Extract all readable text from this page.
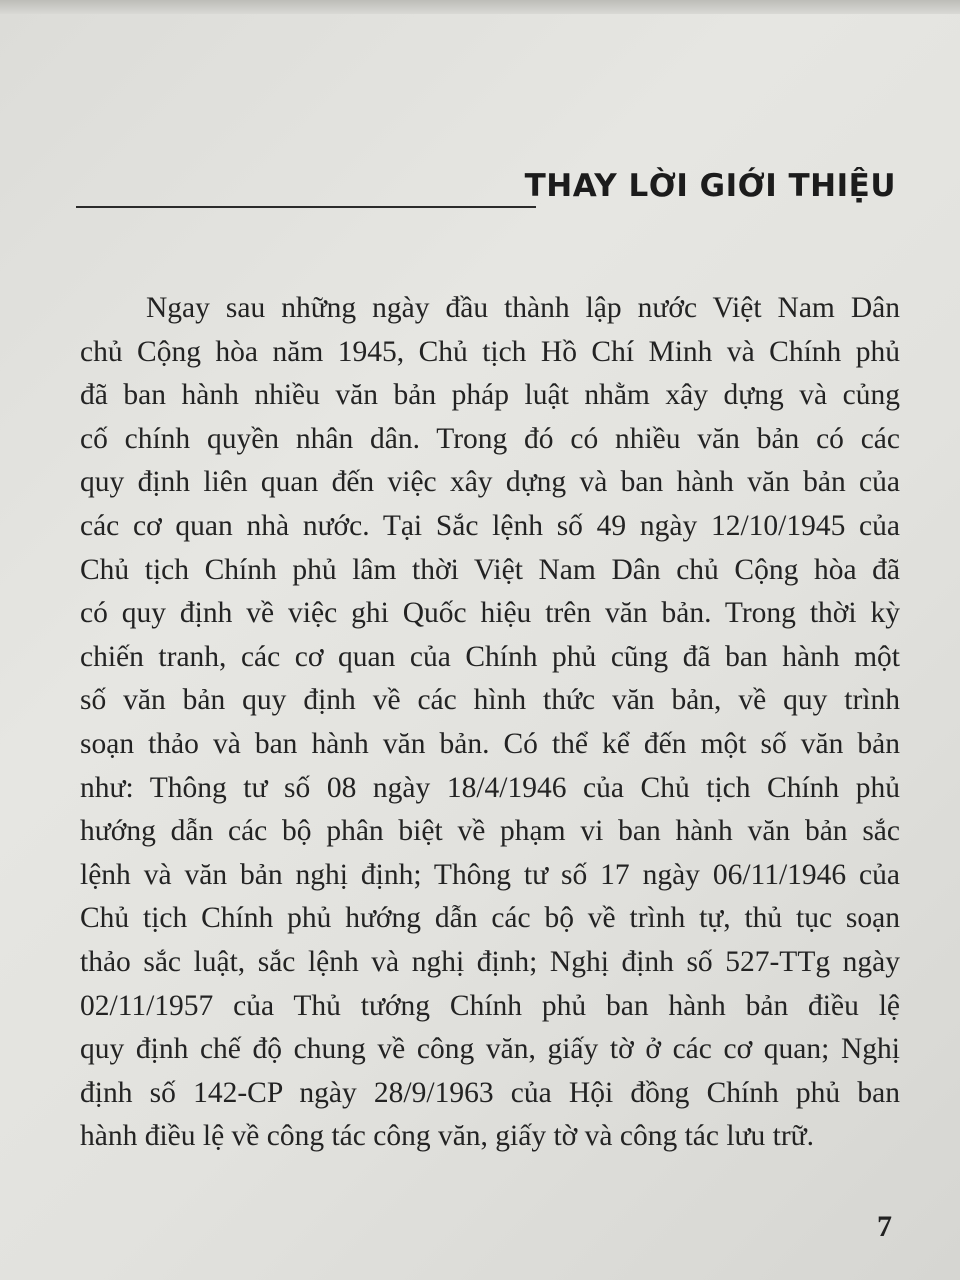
THAY LỜI GIỚI THIỆU
Ngay sau những ngày đầu thành lập nước Việt Nam Dân
chủ Cộng hòa năm 1945, Chủ tịch Hồ Chí Minh và Chính phủ
đã ban hành nhiều văn bản pháp luật nhằm xây dựng và củng
cố chính quyền nhân dân. Trong đó có nhiều văn bản có các
quy định liên quan đến việc xây dựng và ban hành văn bản của
các cơ quan nhà nước. Tại Sắc lệnh số 49 ngày 12/10/1945 của
Chủ tịch Chính phủ lâm thời Việt Nam Dân chủ Cộng hòa đã
có quy định về việc ghi Quốc hiệu trên văn bản. Trong thời kỳ
chiến tranh, các cơ quan của Chính phủ cũng đã ban hành một
số văn bản quy định về các hình thức văn bản, về quy trình
soạn thảo và ban hành văn bản. Có thể kể đến một số văn bản
như: Thông tư số 08 ngày 18/4/1946 của Chủ tịch Chính phủ
hướng dẫn các bộ phân biệt về phạm vi ban hành văn bản sắc
lệnh và văn bản nghị định; Thông tư số 17 ngày 06/11/1946 của
Chủ tịch Chính phủ hướng dẫn các bộ về trình tự, thủ tục soạn
thảo sắc luật, sắc lệnh và nghị định; Nghị định số 527-TTg ngày
02/11/1957 của Thủ tướng Chính phủ ban hành bản điều lệ
quy định chế độ chung về công văn, giấy tờ ở các cơ quan; Nghị
định số 142-CP ngày 28/9/1963 của Hội đồng Chính phủ ban
hành điều lệ về công tác công văn, giấy tờ và công tác lưu trữ.
7
